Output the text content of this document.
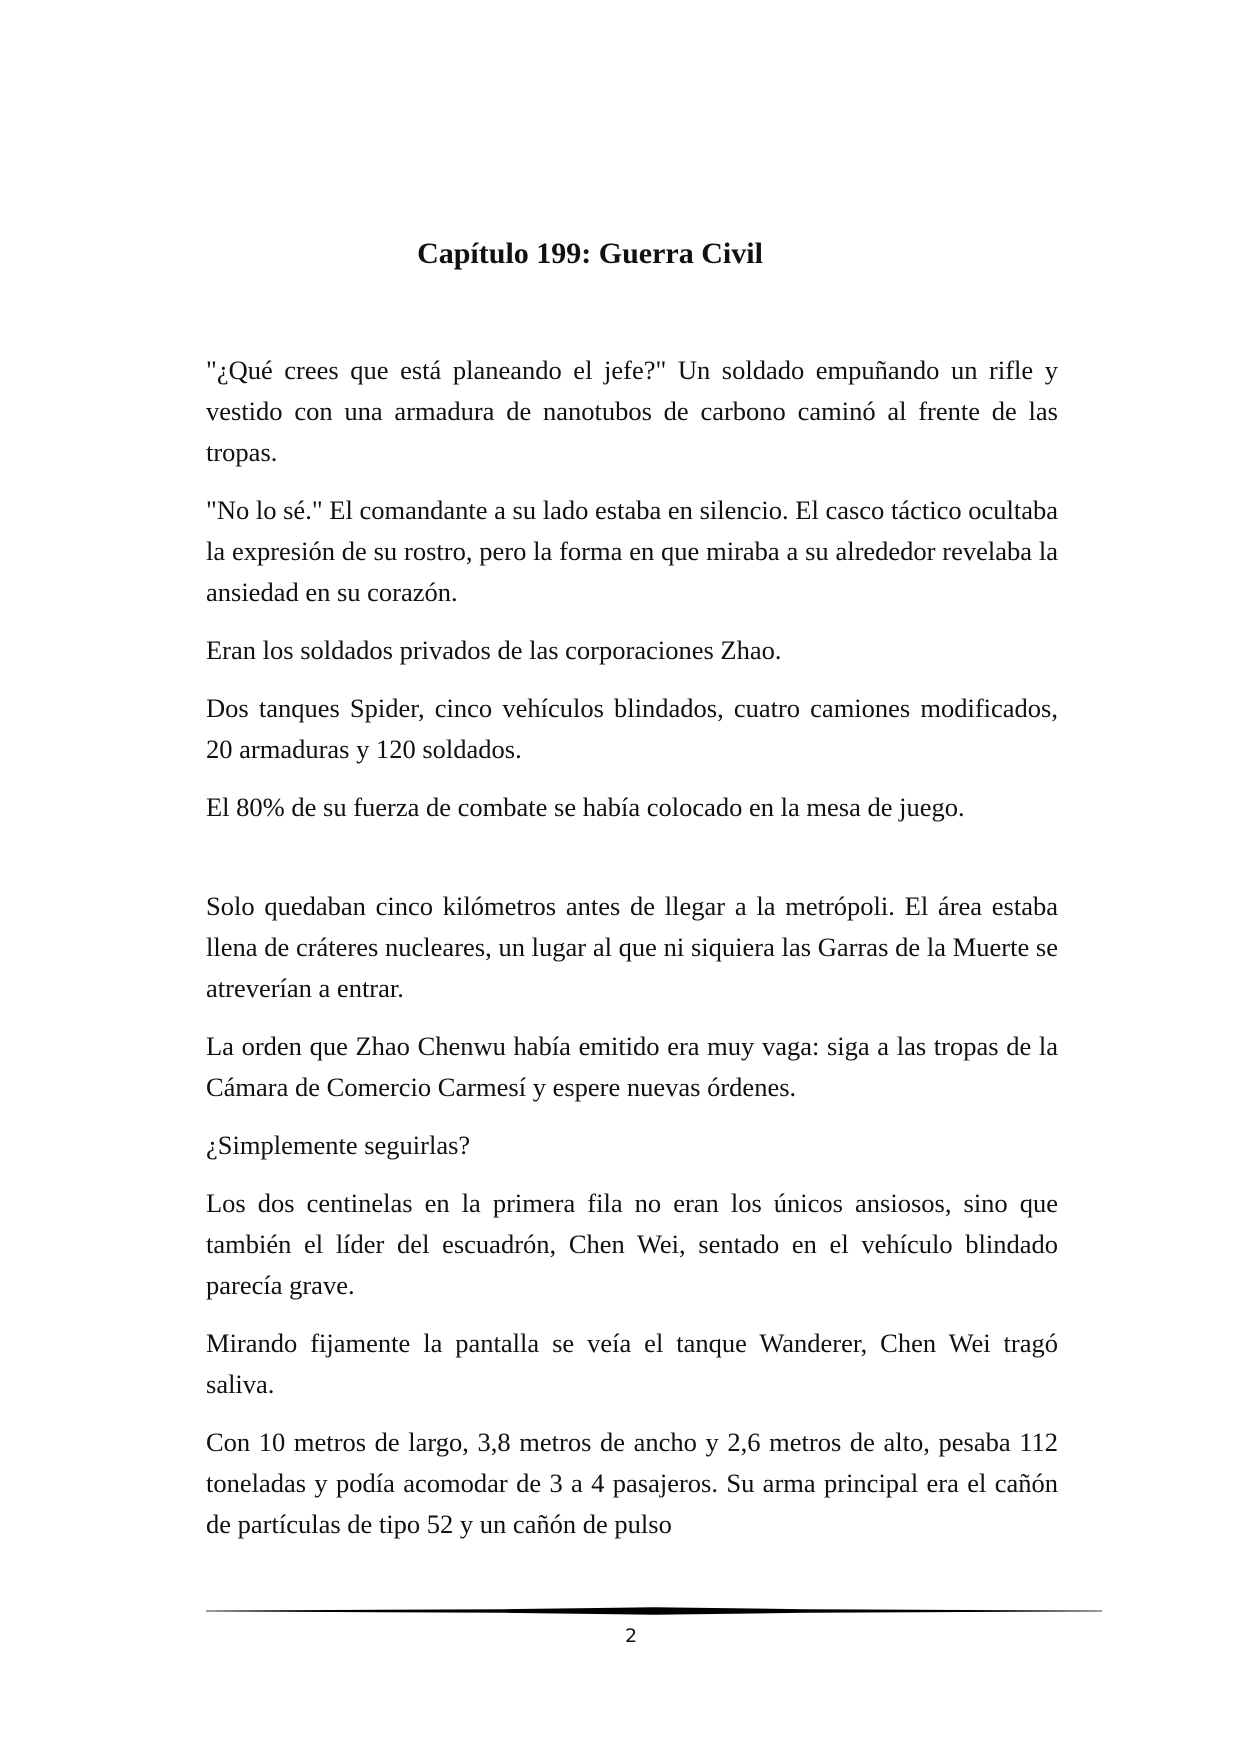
Capítulo 199: Guerra Civil

"¿Qué crees que está planeando el jefe?" Un soldado empuñando un rifle y vestido con una armadura de nanotubos de carbono caminó al frente de las tropas.

"No lo sé." El comandante a su lado estaba en silencio. El casco táctico ocultaba la expresión de su rostro, pero la forma en que miraba a su alrededor revelaba la ansiedad en su corazón.

Eran los soldados privados de las corporaciones Zhao.

Dos tanques Spider, cinco vehículos blindados, cuatro camiones modificados, 20 armaduras y 120 soldados.

El 80% de su fuerza de combate se había colocado en la mesa de juego.

Solo quedaban cinco kilómetros antes de llegar a la metrópoli. El área estaba llena de cráteres nucleares, un lugar al que ni siquiera las Garras de la Muerte se atreverían a entrar.

La orden que Zhao Chenwu había emitido era muy vaga: siga a las tropas de la Cámara de Comercio Carmesí y espere nuevas órdenes.

¿Simplemente seguirlas?

Los dos centinelas en la primera fila no eran los únicos ansiosos, sino que también el líder del escuadrón, Chen Wei, sentado en el vehículo blindado parecía grave.

Mirando fijamente la pantalla se veía el tanque Wanderer, Chen Wei tragó saliva.

Con 10 metros de largo, 3,8 metros de ancho y 2,6 metros de alto, pesaba 112 toneladas y podía acomodar de 3 a 4 pasajeros. Su arma principal era el cañón de partículas de tipo 52 y un cañón de pulso

2
